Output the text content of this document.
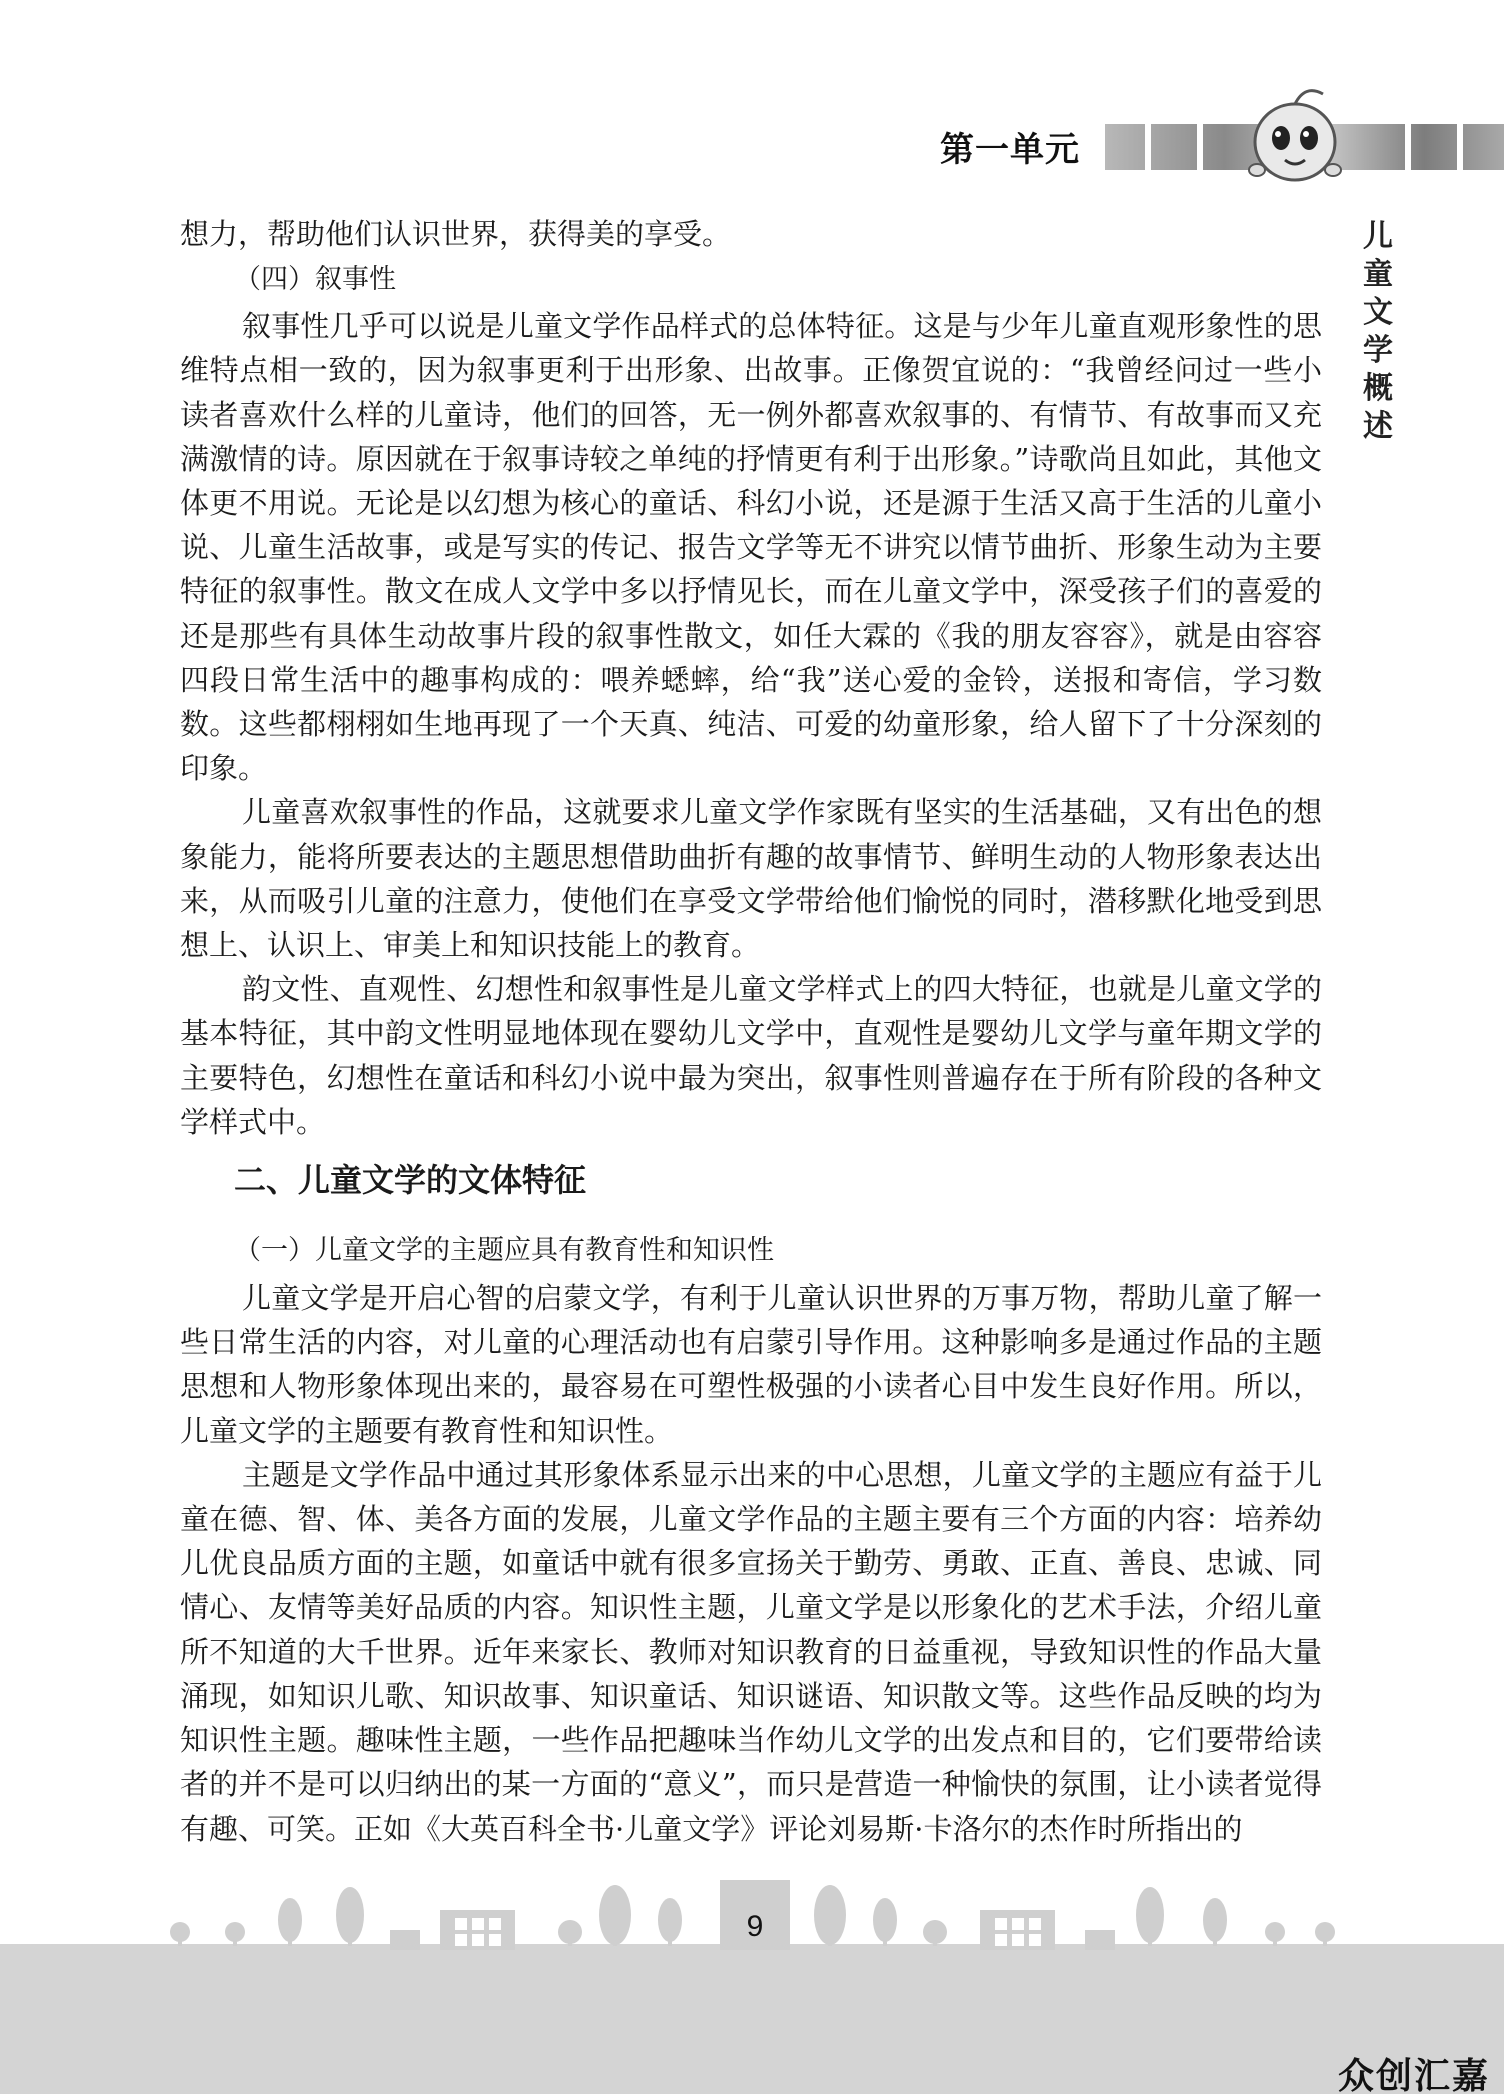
第一单元
儿
童
文
学
概
述

想力，帮助他们认识世界，获得美的享受。

（四）叙事性

叙事性几乎可以说是儿童文学作品样式的总体特征。这是与少年儿童直观形象性的思维特点相一致的，因为叙事更利于出形象、出故事。正像贺宜说的：“我曾经问过一些小读者喜欢什么样的儿童诗，他们的回答，无一例外都喜欢叙事的、有情节、有故事而又充满激情的诗。原因就在于叙事诗较之单纯的抒情更有利于出形象。”诗歌尚且如此，其他文体更不用说。无论是以幻想为核心的童话、科幻小说，还是源于生活又高于生活的儿童小说、儿童生活故事，或是写实的传记、报告文学等无不讲究以情节曲折、形象生动为主要特征的叙事性。散文在成人文学中多以抒情见长，而在儿童文学中，深受孩子们的喜爱的还是那些有具体生动故事片段的叙事性散文，如任大霖的《我的朋友容容》，就是由容容四段日常生活中的趣事构成的：喂养蟋蟀，给“我”送心爱的金铃，送报和寄信，学习数数。这些都栩栩如生地再现了一个天真、纯洁、可爱的幼童形象，给人留下了十分深刻的印象。

儿童喜欢叙事性的作品，这就要求儿童文学作家既有坚实的生活基础，又有出色的想象能力，能将所要表达的主题思想借助曲折有趣的故事情节、鲜明生动的人物形象表达出来，从而吸引儿童的注意力，使他们在享受文学带给他们愉悦的同时，潜移默化地受到思想上、认识上、审美上和知识技能上的教育。

韵文性、直观性、幻想性和叙事性是儿童文学样式上的四大特征，也就是儿童文学的基本特征，其中韵文性明显地体现在婴幼儿文学中，直观性是婴幼儿文学与童年期文学的主要特色，幻想性在童话和科幻小说中最为突出，叙事性则普遍存在于所有阶段的各种文学样式中。

二、儿童文学的文体特征
（一）儿童文学的主题应具有教育性和知识性

儿童文学是开启心智的启蒙文学，有利于儿童认识世界的万事万物，帮助儿童了解一些日常生活的内容，对儿童的心理活动也有启蒙引导作用。这种影响多是通过作品的主题思想和人物形象体现出来的，最容易在可塑性极强的小读者心目中发生良好作用。所以，儿童文学的主题要有教育性和知识性。

主题是文学作品中通过其形象体系显示出来的中心思想，儿童文学的主题应有益于儿童在德、智、体、美各方面的发展，儿童文学作品的主题主要有三个方面的内容：培养幼儿优良品质方面的主题，如童话中就有很多宣扬关于勤劳、勇敢、正直、善良、忠诚、同情心、友情等美好品质的内容。知识性主题，儿童文学是以形象化的艺术手法，介绍儿童所不知道的大千世界。近年来家长、教师对知识教育的日益重视，导致知识性的作品大量涌现，如知识儿歌、知识故事、知识童话、知识谜语、知识散文等。这些作品反映的均为知识性主题。趣味性主题，一些作品把趣味当作幼儿文学的出发点和目的，它们要带给读者的并不是可以归纳出的某一方面的“意义”，而只是营造一种愉快的氛围，让小读者觉得有趣、可笑。正如《大英百科全书·儿童文学》评论刘易斯·卡洛尔的杰作时所指出的

9
众创汇嘉
